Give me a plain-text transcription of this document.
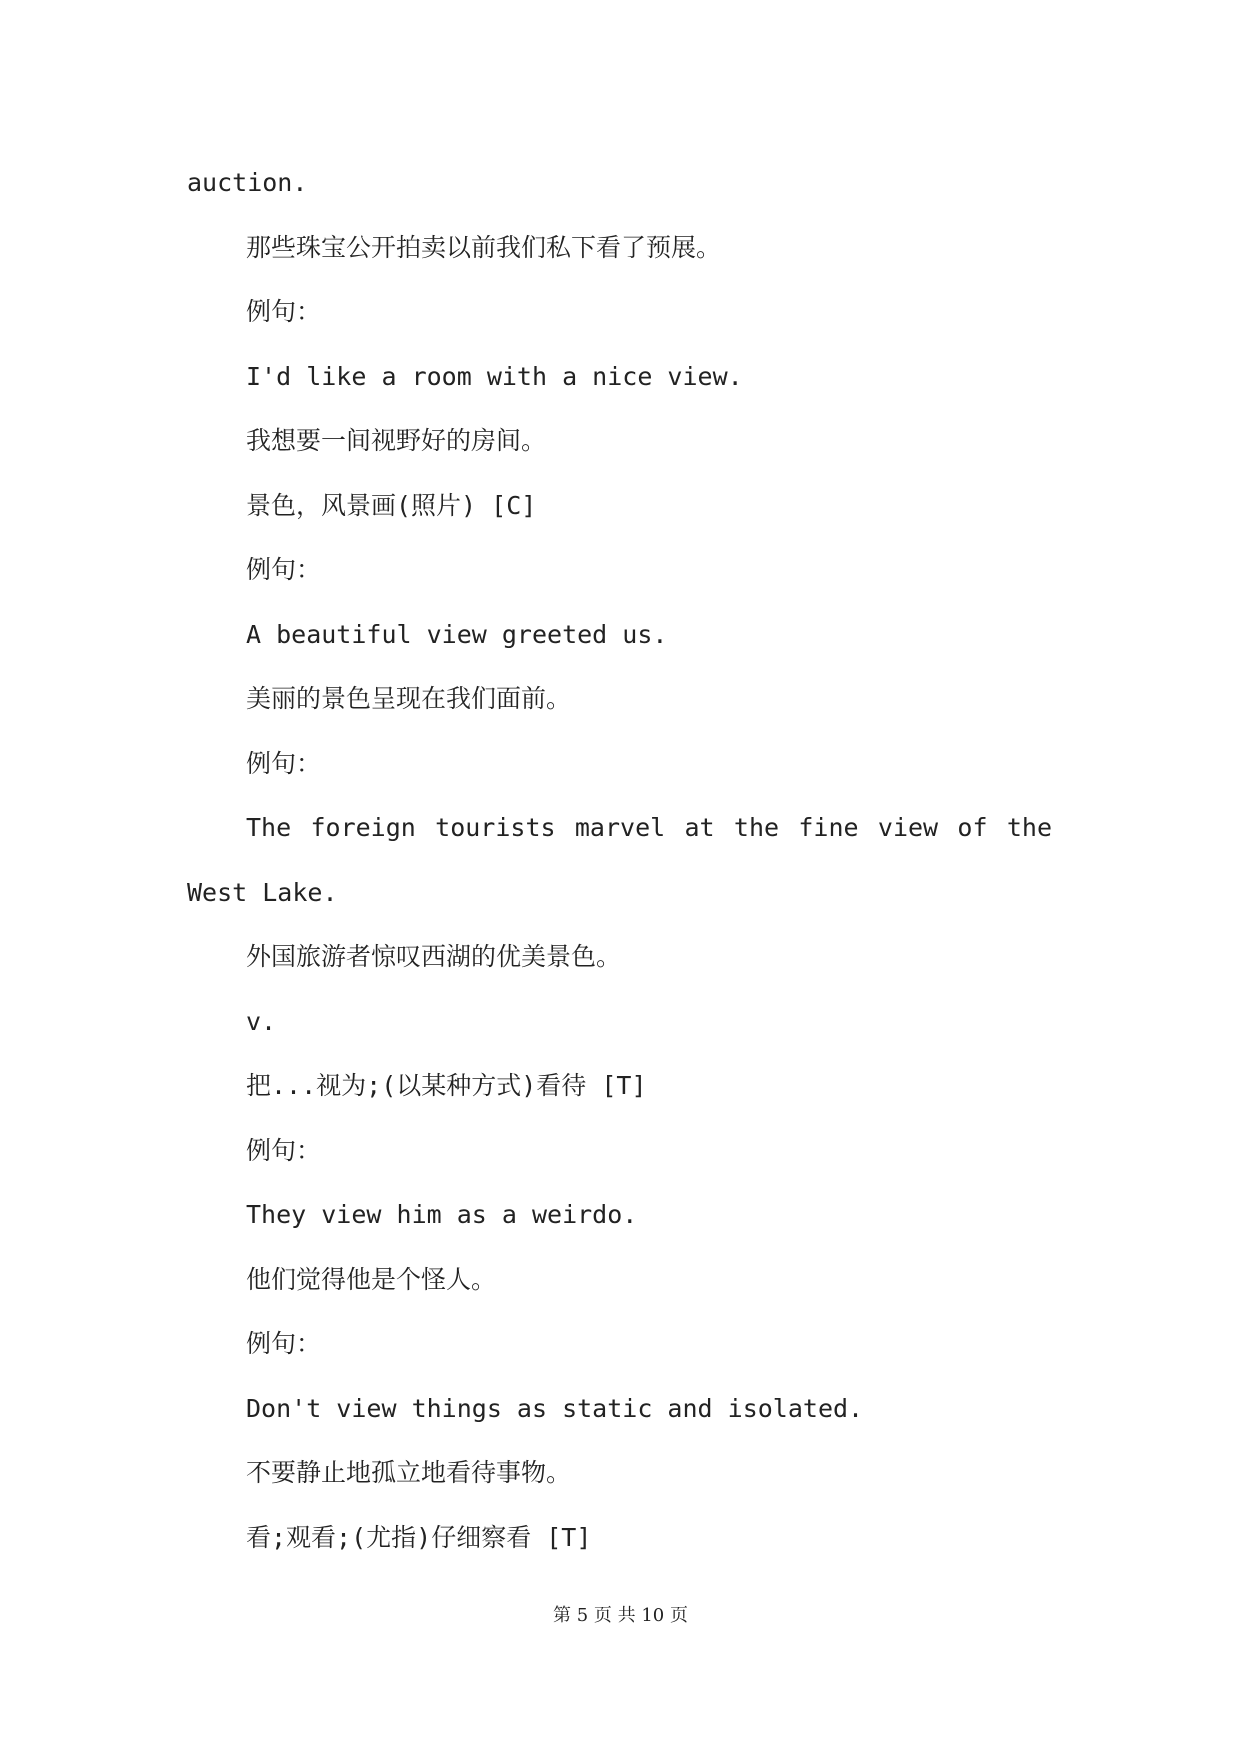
auction.

那些珠宝公开拍卖以前我们私下看了预展。

例句：

I'd like a room with a nice view.

我想要一间视野好的房间。

景色，风景画(照片) [C]

例句：

A beautiful view greeted us.

美丽的景色呈现在我们面前。

例句：

The foreign tourists marvel at the fine view of the

West Lake.

外国旅游者惊叹西湖的优美景色。

v.

把...视为;(以某种方式)看待 [T]

例句：

They view him as a weirdo.

他们觉得他是个怪人。

例句：

Don't view things as static and isolated.

不要静止地孤立地看待事物。

看;观看;(尤指)仔细察看 [T]

第 5 页 共 10 页
